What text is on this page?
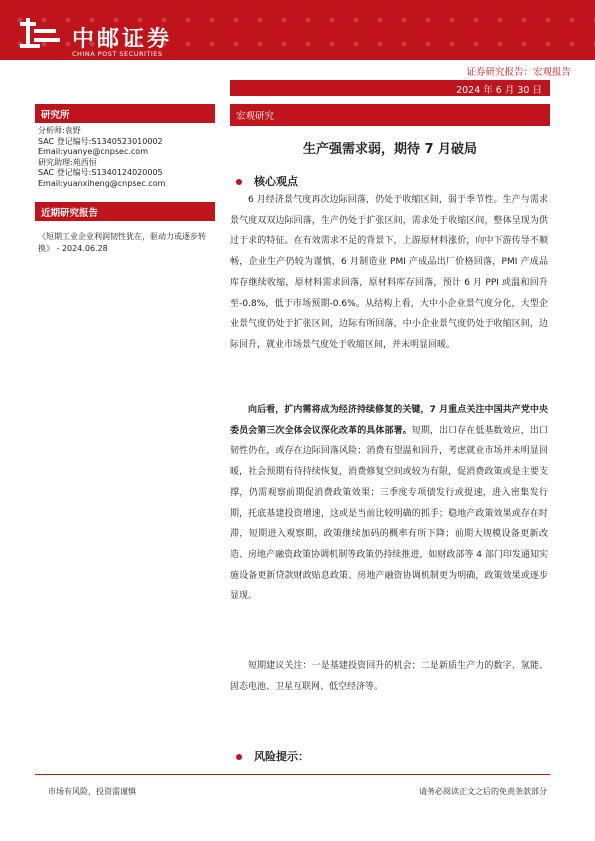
中邮证券
CHINA POST SECURITIES
证券研究报告：宏观报告
2024 年 6 月 30 日
研究所
分析师:袁野
SAC 登记编号:S1340523010002
Email:yuanye@cnpsec.com
研究助理:苑西恒
SAC 登记编号:S1340124020005
Email:yuanxiheng@cnpsec.com
近期研究报告
《短期工业企业利润韧性犹在，驱动力或逐步转换》 - 2024.06.28
宏观研究
生产强需求弱，期待 7 月破局
核心观点

6 月经济景气度再次边际回落，仍处于收缩区间，弱于季节性。生产与需求景气度双双边际回落，生产仍处于扩张区间，需求处于收缩区间，整体呈现为供过于求的特征。在有效需求不足的背景下，上游原材料涨价，向中下游传导不顺畅，企业生产仍较为谨慎，6 月制造业 PMI 产成品出厂价格回落，PMI 产成品库存继续收缩，原材料需求回落，原材料库存回落，预计 6 月 PPI 或温和回升至-0.8%，低于市场预期-0.6%。从结构上看，大中小企业景气度分化，大型企业景气度仍处于扩张区间，边际有所回落，中小企业景气度仍处于收缩区间，边际回升，就业市场景气度处于收缩区间，并未明显回暖。

向后看，扩内需将成为经济持续修复的关键，7 月重点关注中国共产党中央委员会第三次全体会议深化改革的具体部署。短期，出口存在低基数效应，出口韧性仍在，或存在边际回落风险；消费有望温和回升，考虑就业市场并未明显回暖，社会预期有待持续恢复，消费修复空间或较为有限，促消费政策或是主要支撑，仍需观察前期促消费政策效果；三季度专项债发行或提速，进入密集发行期，托底基建投资增速，这或是当前比较明确的抓手；稳地产政策效果或存在时滞，短期进入观察期，政策继续加码的概率有所下降；前期大规模设备更新改造、房地产融资政策协调机制等政策仍持续推进，如财政部等 4 部门印发通知实施设备更新贷款财政贴息政策、房地产融资协调机制更为明确，政策效果或逐步显现。

短期建议关注：一是基建投资回升的机会；二是新质生产力的数字、氢能、固态电池、卫星互联网、低空经济等。

风险提示：
市场有风险，投资需谨慎	请务必阅读正文之后的免责条款部分
